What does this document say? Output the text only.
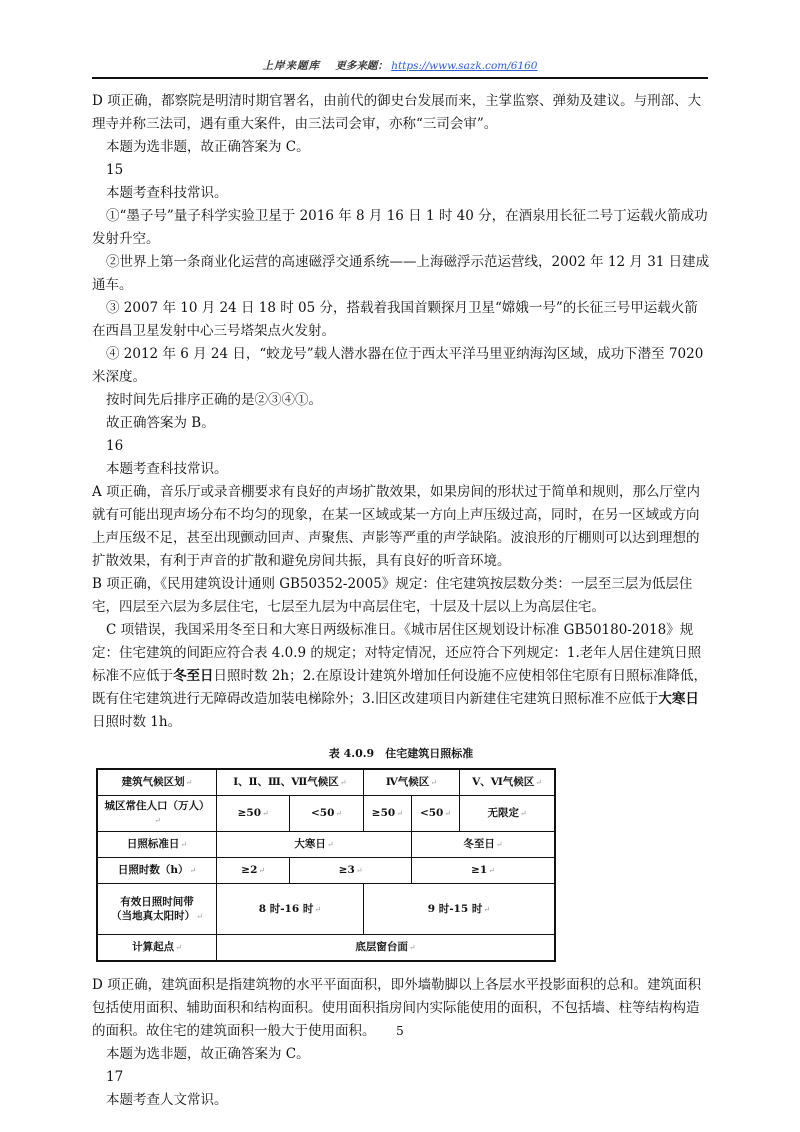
上岸来题库 更多来题： https://www.sazk.com/6160

D 项正确，都察院是明清时期官署名，由前代的御史台发展而来，主掌监察、弹劾及建议。与刑部、大理寺并称三法司，遇有重大案件，由三法司会审，亦称“三司会审”。

本题为选非题，故正确答案为 C。

15

本题考查科技常识。

①“墨子号”量子科学实验卫星于 2016 年 8 月 16 日 1 时 40 分，在酒泉用长征二号丁运载火箭成功发射升空。

②世界上第一条商业化运营的高速磁浮交通系统——上海磁浮示范运营线，2002 年 12 月 31 日建成通车。

③ 2007 年 10 月 24 日 18 时 05 分，搭载着我国首颗探月卫星“嫦娥一号”的长征三号甲运载火箭在西昌卫星发射中心三号塔架点火发射。

④ 2012 年 6 月 24 日，“蛟龙号”载人潜水器在位于西太平洋马里亚纳海沟区域，成功下潜至 7020 米深度。

按时间先后排序正确的是②③④①。

故正确答案为 B。

16

本题考查科技常识。

A 项正确，音乐厅或录音棚要求有良好的声场扩散效果，如果房间的形状过于简单和规则，那么厅堂内就有可能出现声场分布不均匀的现象，在某一区域或某一方向上声压级过高，同时，在另一区域或方向上声压级不足，甚至出现颤动回声、声聚焦、声影等严重的声学缺陷。波浪形的厅棚则可以达到理想的扩散效果，有利于声音的扩散和避免房间共振，具有良好的听音环境。

B 项正确，《民用建筑设计通则 GB50352-2005》规定：住宅建筑按层数分类：一层至三层为低层住宅，四层至六层为多层住宅，七层至九层为中高层住宅，十层及十层以上为高层住宅。

C 项错误，我国采用冬至日和大寒日两级标准日。《城市居住区规划设计标准 GB50180-2018》规定：住宅建筑的间距应符合表 4.0.9 的规定；对特定情况，还应符合下列规定：1.老年人居住建筑日照标准不应低于冬至日日照时数 2h；2.在原设计建筑外增加任何设施不应使相邻住宅原有日照标准降低，既有住宅建筑进行无障碍改造加装电梯除外；3.旧区改建项目内新建住宅建筑日照标准不应低于大寒日日照时数 1h。

表 4.0.9　住宅建筑日照标准
建筑气候区划↵	Ⅰ、Ⅱ、Ⅲ、Ⅶ气候区↵		Ⅳ气候区↵		Ⅴ、Ⅵ气候区↵
城区常住人口（万人）↵	≥50↵	<50↵	≥50↵	<50↵	无限定↵
日照标准日↵	大寒日↵			冬至日↵	
日照时数（h）↵	≥2↵	≥3↵		≥1↵	
有效日照时间带
（当地真太阳时）↵	8 时-16 时↵		9 时-15 时↵		
计算起点↵	底层窗台面↵				

D 项正确，建筑面积是指建筑物的水平平面面积，即外墙勒脚以上各层水平投影面积的总和。建筑面积包括使用面积、辅助面积和结构面积。使用面积指房间内实际能使用的面积，不包括墙、柱等结构构造的面积。故住宅的建筑面积一般大于使用面积。

本题为选非题，故正确答案为 C。

17

本题考查人文常识。

5
